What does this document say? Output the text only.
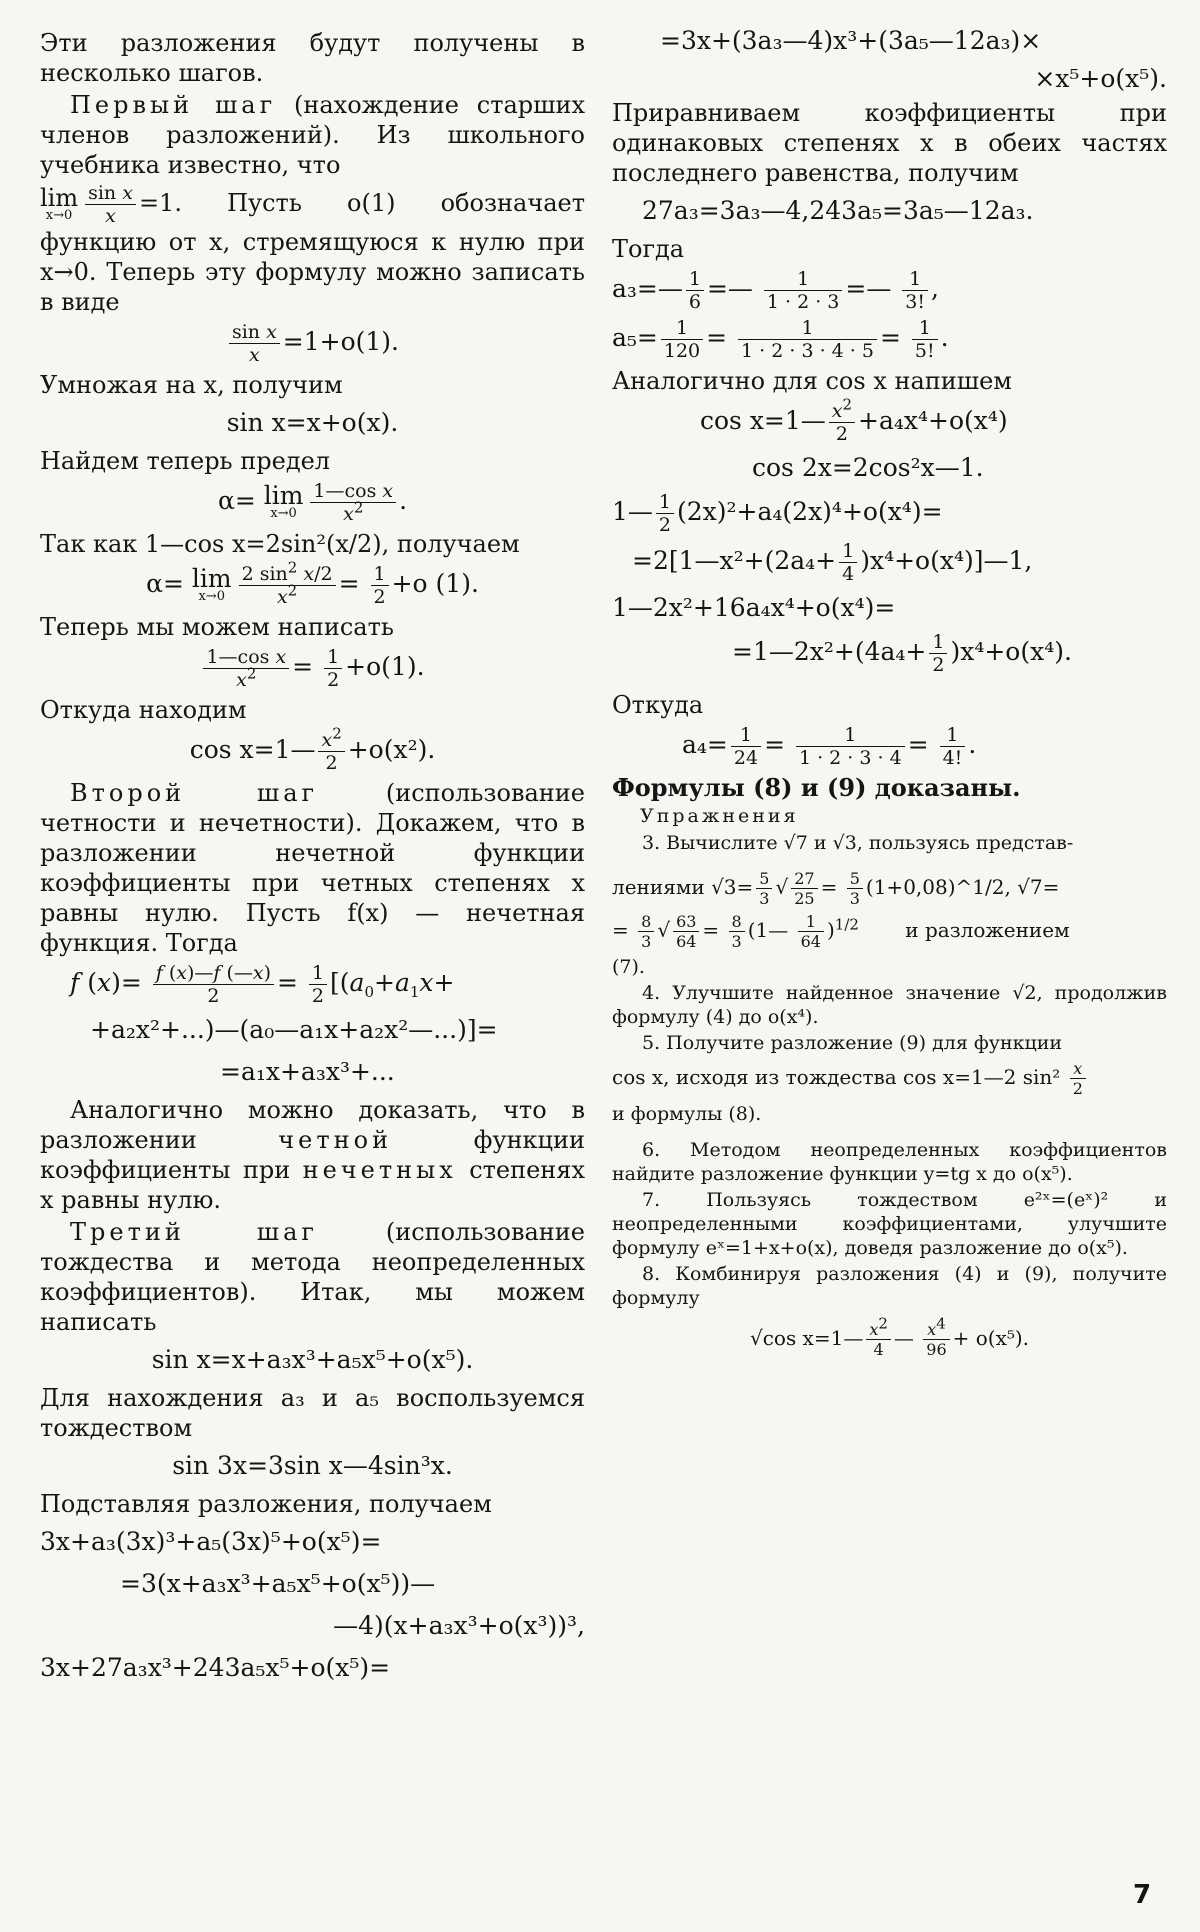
Эти разложения будут получены в несколько шагов.

Первый шаг (нахождение старших членов разложений). Из школьного учебника известно, что

lim
$x\to 0 \frac{\text{sin x}}{x} =1$. Пусть o(1) обозначает функцию от x, стремящуюся к нулю при x→0. Теперь эту формулу можно записать в виде

$\frac{\text{sin x}}{x} =1+o(1)$.

Умножая на x, получим

sin x=x+o(x).

Найдем теперь предел

α= lim
$x\to 0 \frac{\text{1—cos x}}{x^2}$ .

Так как 1—cos x=2sin²(x/2), получаем

α= lim
$x\to 0 \frac{2 \sin^2 x/2}{x^2} = \frac{1}{2} +o$ (1).

Теперь мы можем написать

$\frac{\text{1—cos x}}{x^2} = \frac{1}{2} +o(1)$.

Откуда находим

cos x=1— $\frac{x^2}{2} +o(x^2)$.

Второй шаг	(использование четности и нечетности). Докажем, что в разложении нечетной функции коэффициенты при четных степенях x равны нулю. Пусть f(x) — нечетная функция. Тогда

f $(x)= \frac{f (x)—f (—x)}{2} = \frac{1}{2} [(a_0+a_1x+$
+a₂x²+...)—(a₀—a₁x+a₂x²—...)]=
=a₁x+a₃x³+...

Аналогично можно доказать, что в разложении	четной	функции коэффициенты при нечетных степенях x равны нулю.

Третий шаг	(использование тождества и метода неопределенных коэффициентов). Итак, мы можем написать

sin x=x+a₃x³+a₅x⁵+o(x⁵).

Для нахождения a₃ и a₅ воспользуемся тождеством

sin 3x=3sin x—4sin³x.

Подставляя разложения, получаем

3x+a₃(3x)³+a₅(3x)⁵+o(x⁵)=
=3(x+a₃x³+a₅x⁵+o(x⁵))—
—4)(x+a₃x³+o(x³))³,
3x+27a₃x³+243a₅x⁵+o(x⁵)=
=3x+(3a₃—4)x³+(3a₅—12a₃)×
×x⁵+o(x⁵).

Приравниваем коэффициенты при одинаковых степенях x в обеих частях последнего равенства, получим

27a₃=3a₃—4,243a₅=3a₅—12a₃.

Тогда

a₃=— $\frac{1}{6}$ =— $\frac{1}{1 \cdot 2 \cdot 3}$ =— $\frac{1}{3!}$ ,
$a_5= \frac{1}{120} = \frac{1}{1 \cdot 2 \cdot 3 \cdot 4 \cdot 5} = \frac{1}{5!}$ .

Аналогично для cos x напишем

cos x=1— $\frac{x^2}{2} +a_4x^4+o(x^4)$
cos 2x=2cos²x—1.
1— $\frac{1}{2} (2x)^2+a_4(2x)^4+o(x^4)=$
=2[1—x²+(2a₄+ $\frac{1}{4}$ )x⁴+o(x⁴)]—1,
1—2x²+16a₄x⁴+o(x⁴)=
=1—2x²+(4a₄+ $\frac{1}{2} )x^4+o(x^4)$.

Откуда

$a_4= \frac{1}{24} = \frac{1}{1 \cdot 2 \cdot 3 \cdot 4} = \frac{1}{4!}$ .

Формулы (8) и (9) доказаны.

Упражнения

3. Вычислите √7 и √3, пользуясь представ-

лениями $√3= \frac{5}{3}$ √ $\frac{27}{25} = \frac{5}{3}$ (1+0,08)^1/2, √7=
= $\frac{8}{3}$ √ $\frac{63}{64} = \frac{8}{3}$ (1— $\frac{1}{64} )^{1/2}$ и разложением

(7).

4. Улучшите найденное значение √2, продолжив формулу (4) до o(x⁴).

5. Получите разложение (9) для функции

cos x, исходя из тождества cos x=1—2 $\sin^2 \frac{x}{2}$

и формулы (8).

6. Методом неопределенных коэффициентов найдите разложение функции y=tg x до o(x⁵).

7. Пользуясь тождеством e²ˣ=(eˣ)² и неопределенными коэффициентами, улучшите формулу eˣ=1+x+o(x), доведя разложение до o(x⁵).

8. Комбинируя разложения (4) и (9), получите формулу

√cos x=1— $\frac{x^2}{4}$ — $\frac{x^4}{96} + o(x^5)$.
7
